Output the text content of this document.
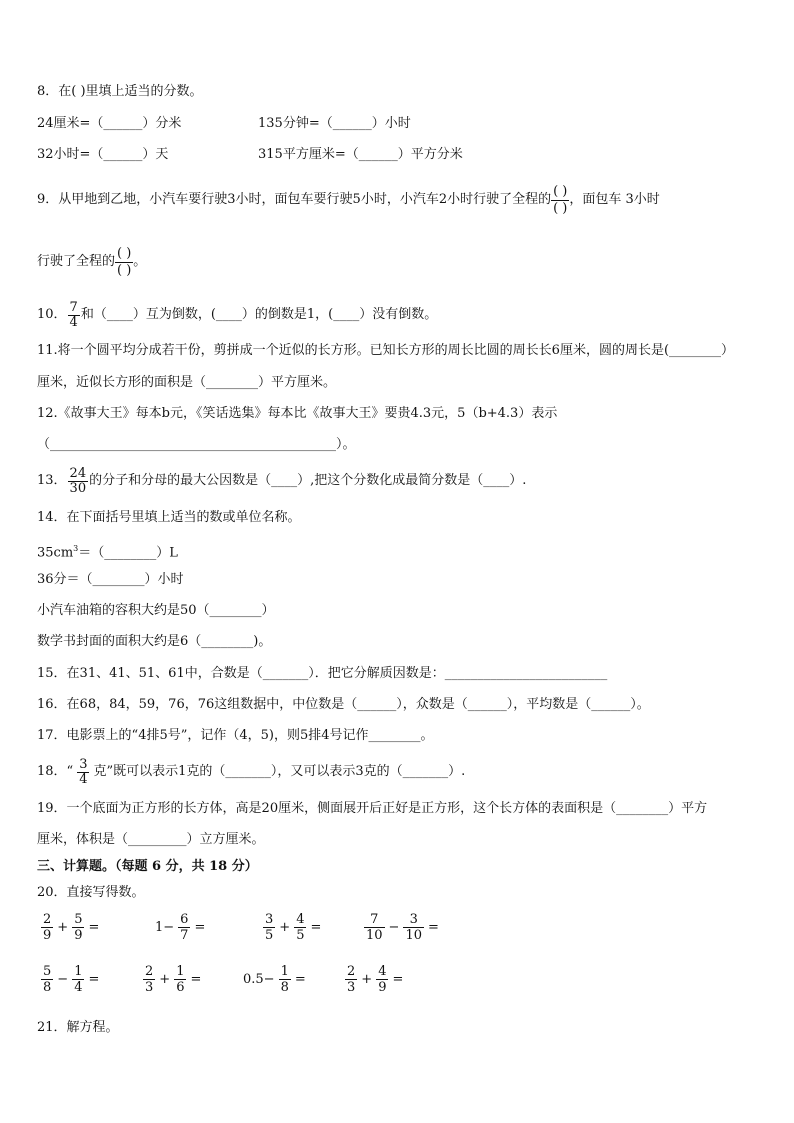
8．在( )里填上适当的分数。
24厘米=（______）分米	135分钟=（______）小时
32小时=（______）天	315平方厘米=（______）平方分米
9．从甲地到乙地，小汽车要行驶3小时，面包车要行驶5小时，小汽车2小时行驶了全程的 $\frac{( )}{( )}$ ，面包车 3小时
行驶了全程的 $\frac{( )}{( )}$ 。
10． $\frac{7}{4}$ 和（____）互为倒数，(____）的倒数是1，(____）没有倒数。
11.将一个圆平均分成若干份，剪拼成一个近似的长方形。已知长方形的周长比圆的周长长6厘米，圆的周长是(________）
厘米，近似长方形的面积是（________）平方厘米。
12.《故事大王》每本b元，《笑话选集》每本比《故事大王》要贵4.3元，5（b+4.3）表示
（____________________________________________）。
13． $\frac{24}{30}$ 的分子和分母的最大公因数是（____）,把这个分数化成最简分数是（____）.
14．在下面括号里填上适当的数或单位名称。
$35cm^3=(\_\_\_\_\_\_\_\_)L$
36分＝（________）小时
小汽车油箱的容积大约是50（________）
数学书封面的面积大约是6（________)。
15．在31、41、51、61中，合数是（_______）．把它分解质因数是：_________________________
16．在68，84，59，76，76这组数据中，中位数是（______），众数是（______），平均数是（______）。
17．电影票上的“4排5号”，记作（4，5)，则5排4号记作________。
18．“ $\frac{3}{4}$ 克”既可以表示1克的（_______），又可以表示3克的（_______）.
19．一个底面为正方形的长方体，高是20厘米，侧面展开后正好是正方形，这个长方体的表面积是（________）平方
厘米，体积是（_________）立方厘米。
三、计算题。（每题 6 分，共 18 分）
20．直接写得数。
$\frac{2}{9} + \frac{5}{9}$ =	$1- \frac{6}{7}$ =	$\frac{3}{5} + \frac{4}{5}$ =	$\frac{7}{10} - \frac{3}{10}$ =
$\frac{5}{8} - \frac{1}{4}$ =	$\frac{2}{3} + \frac{1}{6}$ =	$0.5- \frac{1}{8}$ =	$\frac{2}{3} + \frac{4}{9}$ =
21．解方程。
